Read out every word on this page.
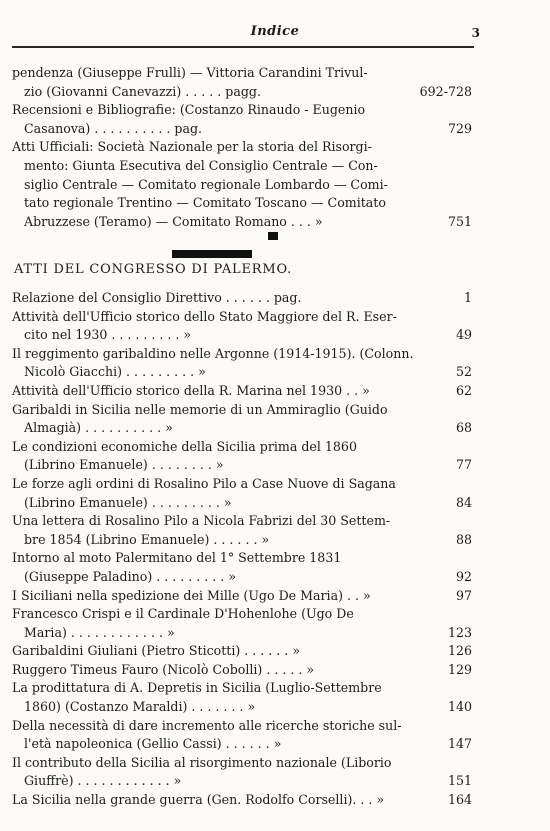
Indice	3
pendenza (Giuseppe Frulli) — Vittoria Carandini Trivul-
zio (Giovanni Canevazzi) . . . . . pagg.	692-728
Recensioni e Bibliografie: (Costanzo Rinaudo - Eugenio
Casanova) . . . . . . . . . . pag.	729
Atti Ufficiali: Società Nazionale per la storia del Risorgi-
mento: Giunta Esecutiva del Consiglio Centrale — Con-
siglio Centrale — Comitato regionale Lombardo — Comi-
tato regionale Trentino — Comitato Toscano — Comitato
Abruzzese (Teramo) — Comitato Romano . . . »	751
ATTI DEL CONGRESSO DI PALERMO.
Relazione del Consiglio Direttivo . . . . . . pag.	1
Attività dell'Ufficio storico dello Stato Maggiore del R. Eser-
cito nel 1930 . . . . . . . . . »	49
Il reggimento garibaldino nelle Argonne (1914-1915). (Colonn.
Nicolò Giacchi) . . . . . . . . . »	52
Attività dell'Ufficio storico della R. Marina nel 1930 . . »	62
Garibaldi in Sicilia nelle memorie di un Ammiraglio (Guido
Almagià) . . . . . . . . . . »	68
Le condizioni economiche della Sicilia prima del 1860
(Librino Emanuele) . . . . . . . . »	77
Le forze agli ordini di Rosalino Pilo a Case Nuove di Sagana
(Librino Emanuele) . . . . . . . . . »	84
Una lettera di Rosalino Pilo a Nicola Fabrizi del 30 Settem-
bre 1854 (Librino Emanuele) . . . . . . »	88
Intorno al moto Palermitano del 1° Settembre 1831
(Giuseppe Paladino) . . . . . . . . . »	92
I Siciliani nella spedizione dei Mille (Ugo De Maria) . . »	97
Francesco Crispi e il Cardinale D'Hohenlohe (Ugo De
Maria) . . . . . . . . . . . . »	123
Garibaldini Giuliani (Pietro Sticotti) . . . . . . »	126
Ruggero Timeus Fauro (Nicolò Cobolli) . . . . . »	129
La prodittatura di A. Depretis in Sicilia (Luglio-Settembre
1860) (Costanzo Maraldi) . . . . . . . »	140
Della necessità di dare incremento alle ricerche storiche sul-
l'età napoleonica (Gellio Cassi) . . . . . . »	147
Il contributo della Sicilia al risorgimento nazionale (Liborio
Giuffrè) . . . . . . . . . . . . »	151
La Sicilia nella grande guerra (Gen. Rodolfo Corselli). . . »	164
